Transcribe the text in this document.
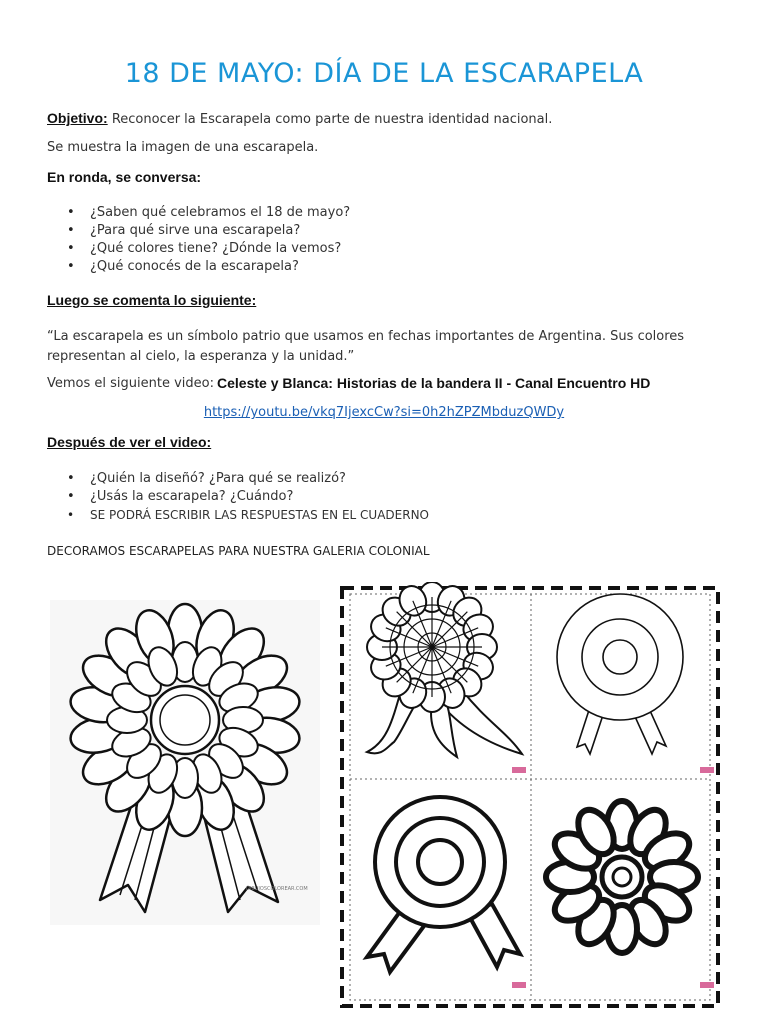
18 DE MAYO: DÍA DE LA ESCARAPELA
Objetivo: Reconocer la Escarapela como parte de nuestra identidad nacional.
Se muestra la imagen de una escarapela.
En ronda, se conversa:
• ¿Saben qué celebramos el 18 de mayo?
• ¿Para qué sirve una escarapela?
• ¿Qué colores tiene? ¿Dónde la vemos?
• ¿Qué conocés de la escarapela?
Luego se comenta lo siguiente:
“La escarapela es un símbolo patrio que usamos en fechas importantes de Argentina. Sus colores representan al cielo, la esperanza y la unidad.”
Vemos el siguiente video: Celeste y Blanca: Historias de la bandera II - Canal Encuentro HD
https://youtu.be/vkq7IjexcCw?si=0h2hZPZMbduzQWDy
Después de ver el video:
• ¿Quién la diseñó? ¿Para qué se realizó?
• ¿Usás la escarapela? ¿Cuándo?
• SE PODRÁ ESCRIBIR LAS RESPUESTAS EN EL CUADERNO
DECORAMOS ESCARAPELAS PARA NUESTRA GALERIA COLONIAL
DIBUJOSCOLOREAR.COM
